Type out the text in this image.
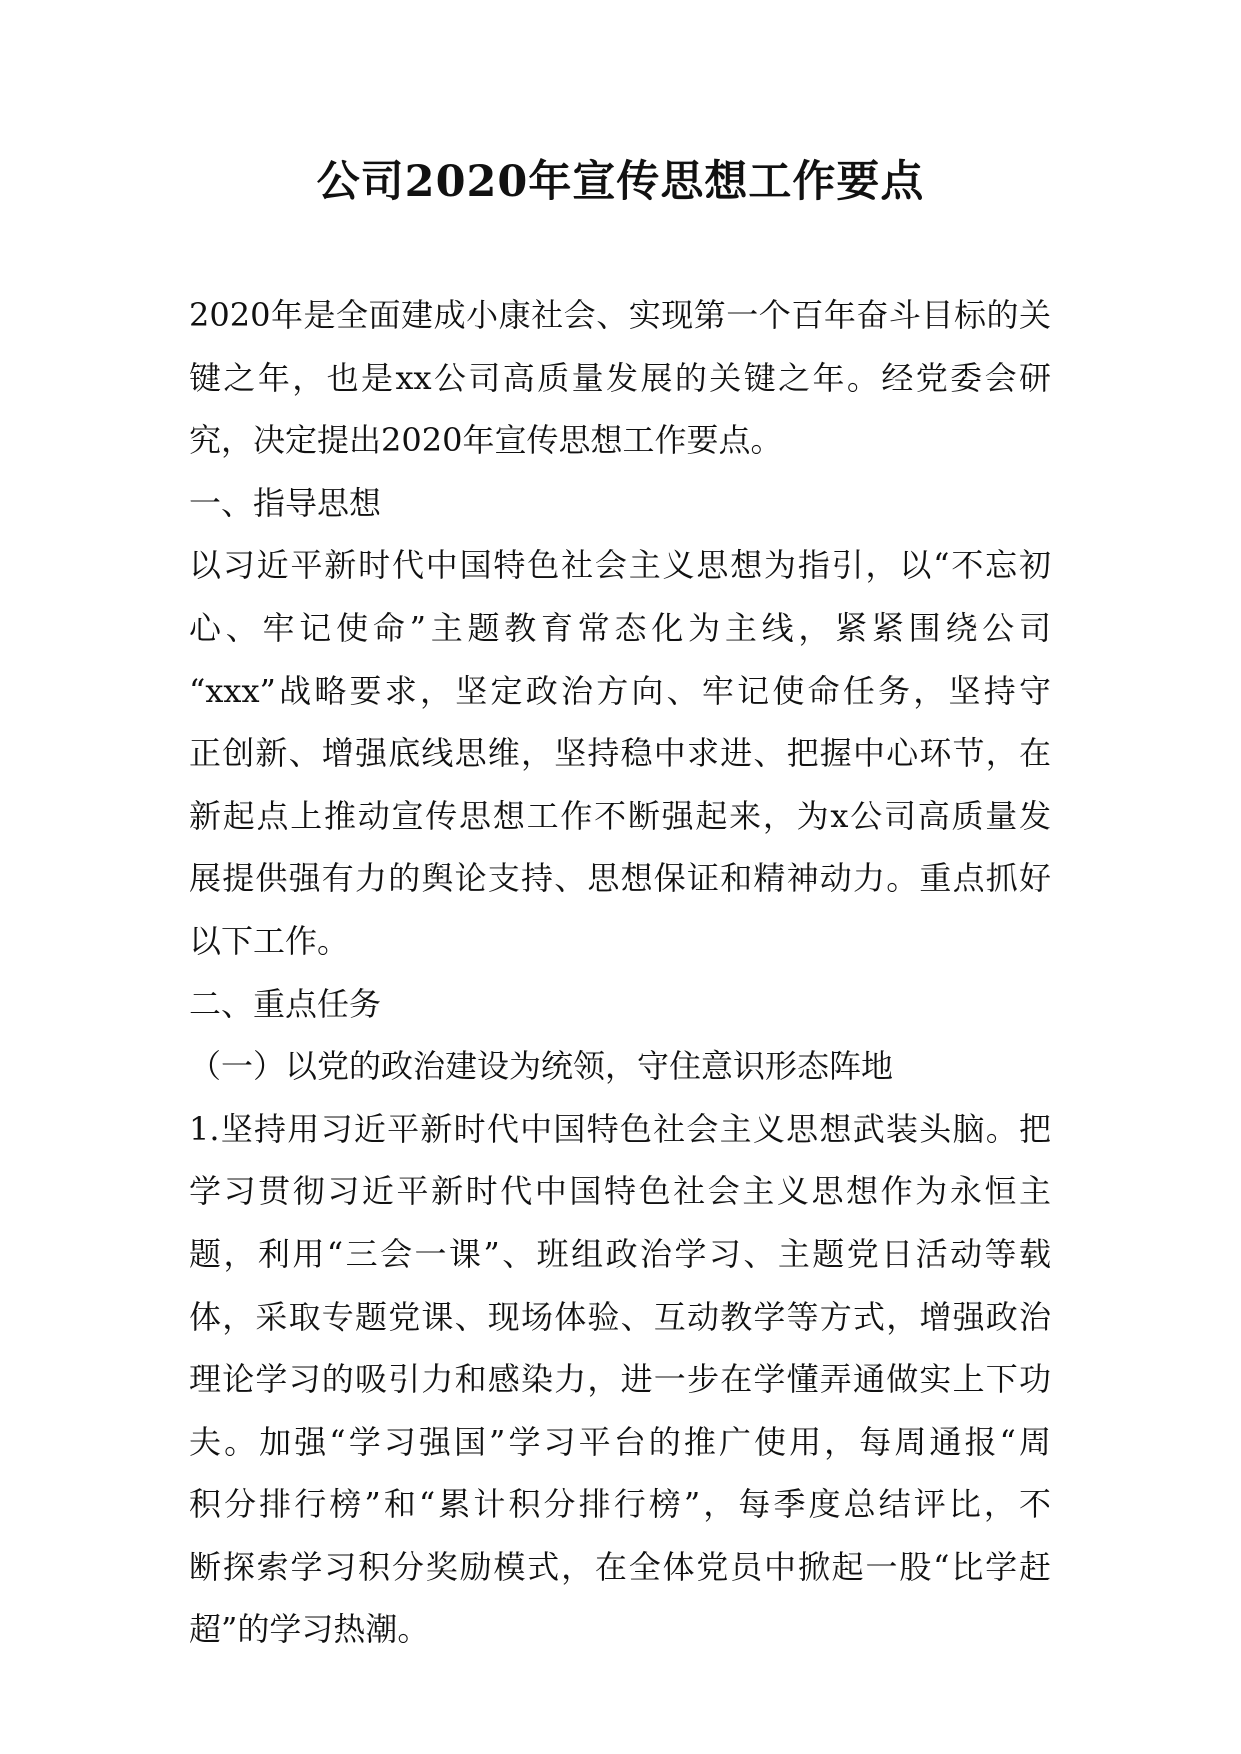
公司2020年宣传思想工作要点
2020年是全面建成小康社会、实现第一个百年奋斗目标的关
键之年，也是xx公司高质量发展的关键之年。经党委会研
究，决定提出2020年宣传思想工作要点。
一、指导思想
以习近平新时代中国特色社会主义思想为指引，以“不忘初
心、牢记使命”主题教育常态化为主线，紧紧围绕公司
“xxx”战略要求，坚定政治方向、牢记使命任务，坚持守
正创新、增强底线思维，坚持稳中求进、把握中心环节，在
新起点上推动宣传思想工作不断强起来，为x公司高质量发
展提供强有力的舆论支持、思想保证和精神动力。重点抓好
以下工作。
二、重点任务
（一）以党的政治建设为统领，守住意识形态阵地
1.坚持用习近平新时代中国特色社会主义思想武装头脑。把
学习贯彻习近平新时代中国特色社会主义思想作为永恒主
题，利用“三会一课”、班组政治学习、主题党日活动等载
体，采取专题党课、现场体验、互动教学等方式，增强政治
理论学习的吸引力和感染力，进一步在学懂弄通做实上下功
夫。加强“学习强国”学习平台的推广使用，每周通报“周
积分排行榜”和“累计积分排行榜”，每季度总结评比，不
断探索学习积分奖励模式，在全体党员中掀起一股“比学赶
超”的学习热潮。
